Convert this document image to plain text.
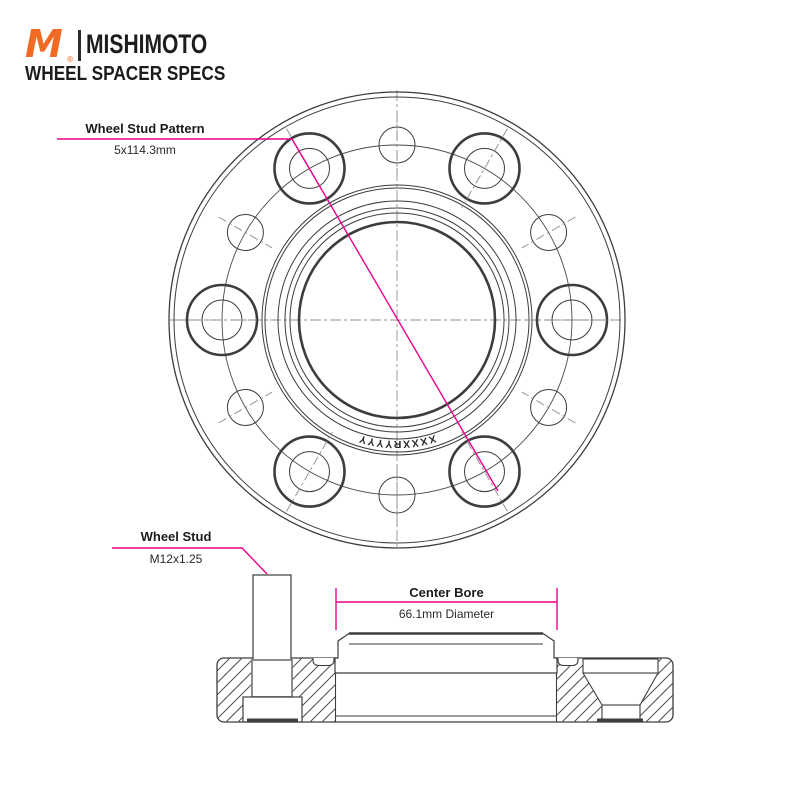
M ®
MISHIMOTO
WHEEL SPACER SPECS
XXXXRYYYY
Wheel Stud Pattern
5x114.3mm
Wheel Stud
M12x1.25
Center Bore
66.1mm Diameter
